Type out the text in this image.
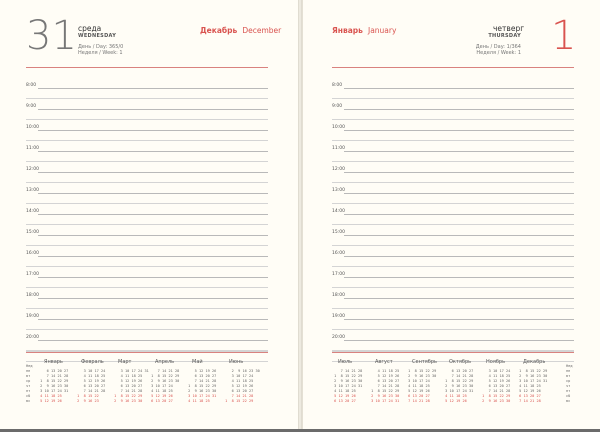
31 среда
WEDNESDAY
День / Day: 365/0
Неделя / Week: 1
Декабрь December
8:00
9:00
10:00
11:00
12:00
13:00
14:00
15:00
16:00
17:00
18:00
19:00
20:00
Нед
пн
вт
ср
чт
пт
сб
вс
Январь
6 13 20 27
7 14 21 28
1  8 15 22 29
2  9 16 23 30
3 10 17 24 31
4 11 18 25
5 12 19 26

Февраль
3 10 17 24
4 11 18 25
5 12 19 26
6 13 20 27
7 14 21 28
1  8 15 22
2  9 16 23

Март
3 10 17 24 31
4 11 18 25
5 12 19 26
6 13 20 27
7 14 21 28
1  8 15 22 29
2  9 16 23 30

Апрель
7 14 21 28
1  8 15 22 29
2  9 16 23 30
3 10 17 24
4 11 18 25
5 12 19 26
6 13 20 27

Май
5 12 19 26
6 13 20 27
7 14 21 28
1  8 15 22 29
2  9 16 23 30
3 10 17 24 31
4 11 18 25

Июнь
2  9 16 23 30
3 10 17 24
4 11 18 25
5 12 19 26
6 13 20 27
7 14 21 28
1  8 15 22 29

Январь January	четверг
THURSDAY
День / Day: 1/364
Неделя / Week: 1 1
8:00
9:00
10:00
11:00
12:00
13:00
14:00
15:00
16:00
17:00
18:00
19:00
20:00
Нед
пн
вт
ср
чт
пт
сб
вс
Июль
7 14 21 28
1  8 15 22 29
2  9 16 23 30
3 10 17 24 31
4 11 18 25
5 12 19 26
6 13 20 27

Август
4 11 18 25
5 12 19 26
6 13 20 27
7 14 21 28
1  8 15 22 29
2  9 16 23 30
3 10 17 24 31

Сентябрь
1  8 15 22 29
2  9 16 23 30
3 10 17 24
4 11 18 25
5 12 19 26
6 13 20 27
7 14 21 28

Октябрь
6 13 20 27
7 14 21 28
1  8 15 22 29
2  9 16 23 30
3 10 17 24 31
4 11 18 25
5 12 19 26

Ноябрь
3 10 17 24
4 11 18 25
5 12 19 26
6 13 20 27
7 14 21 28
1  8 15 22 29
2  9 16 23 30

Декабрь
1  8 15 22 29
2  9 16 23 30
3 10 17 24 31
4 11 18 25
5 12 19 26
6 13 20 27
7 14 21 28
